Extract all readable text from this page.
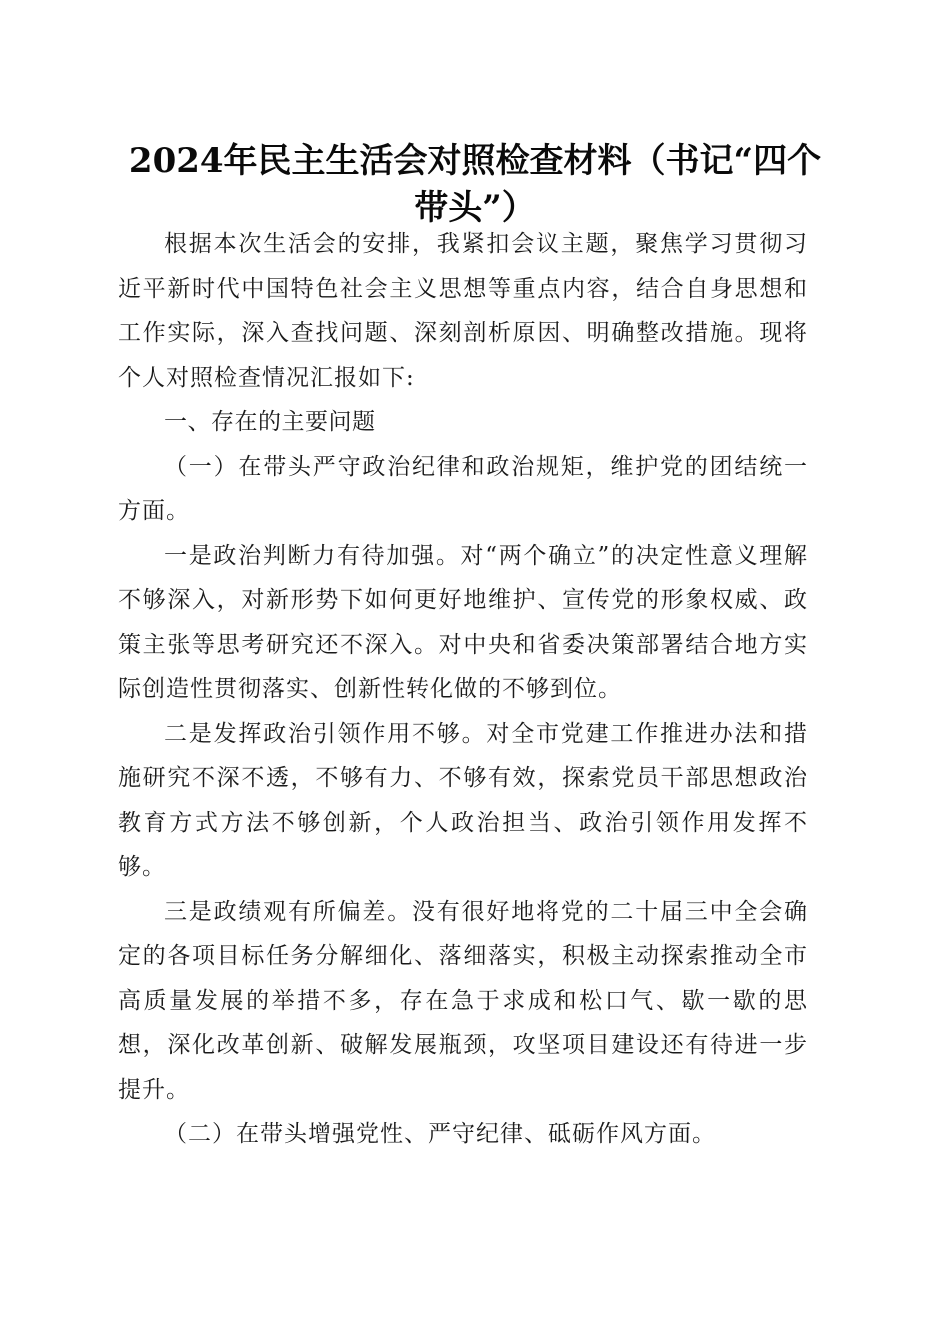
2024年民主生活会对照检查材料（书记“四个带头”）

根据本次生活会的安排，我紧扣会议主题，聚焦学习贯彻习近平新时代中国特色社会主义思想等重点内容，结合自身思想和工作实际，深入查找问题、深刻剖析原因、明确整改措施。现将个人对照检查情况汇报如下:

一、存在的主要问题

（一）在带头严守政治纪律和政治规矩，维护党的团结统一方面。

一是政治判断力有待加强。对“两个确立”的决定性意义理解不够深入，对新形势下如何更好地维护、宣传党的形象权威、政策主张等思考研究还不深入。对中央和省委决策部署结合地方实际创造性贯彻落实、创新性转化做的不够到位。

二是发挥政治引领作用不够。对全市党建工作推进办法和措施研究不深不透，不够有力、不够有效，探索党员干部思想政治教育方式方法不够创新，个人政治担当、政治引领作用发挥不够。

三是政绩观有所偏差。没有很好地将党的二十届三中全会确定的各项目标任务分解细化、落细落实，积极主动探索推动全市高质量发展的举措不多，存在急于求成和松口气、歇一歇的思想，深化改革创新、破解发展瓶颈，攻坚项目建设还有待进一步提升。

（二）在带头增强党性、严守纪律、砥砺作风方面。
